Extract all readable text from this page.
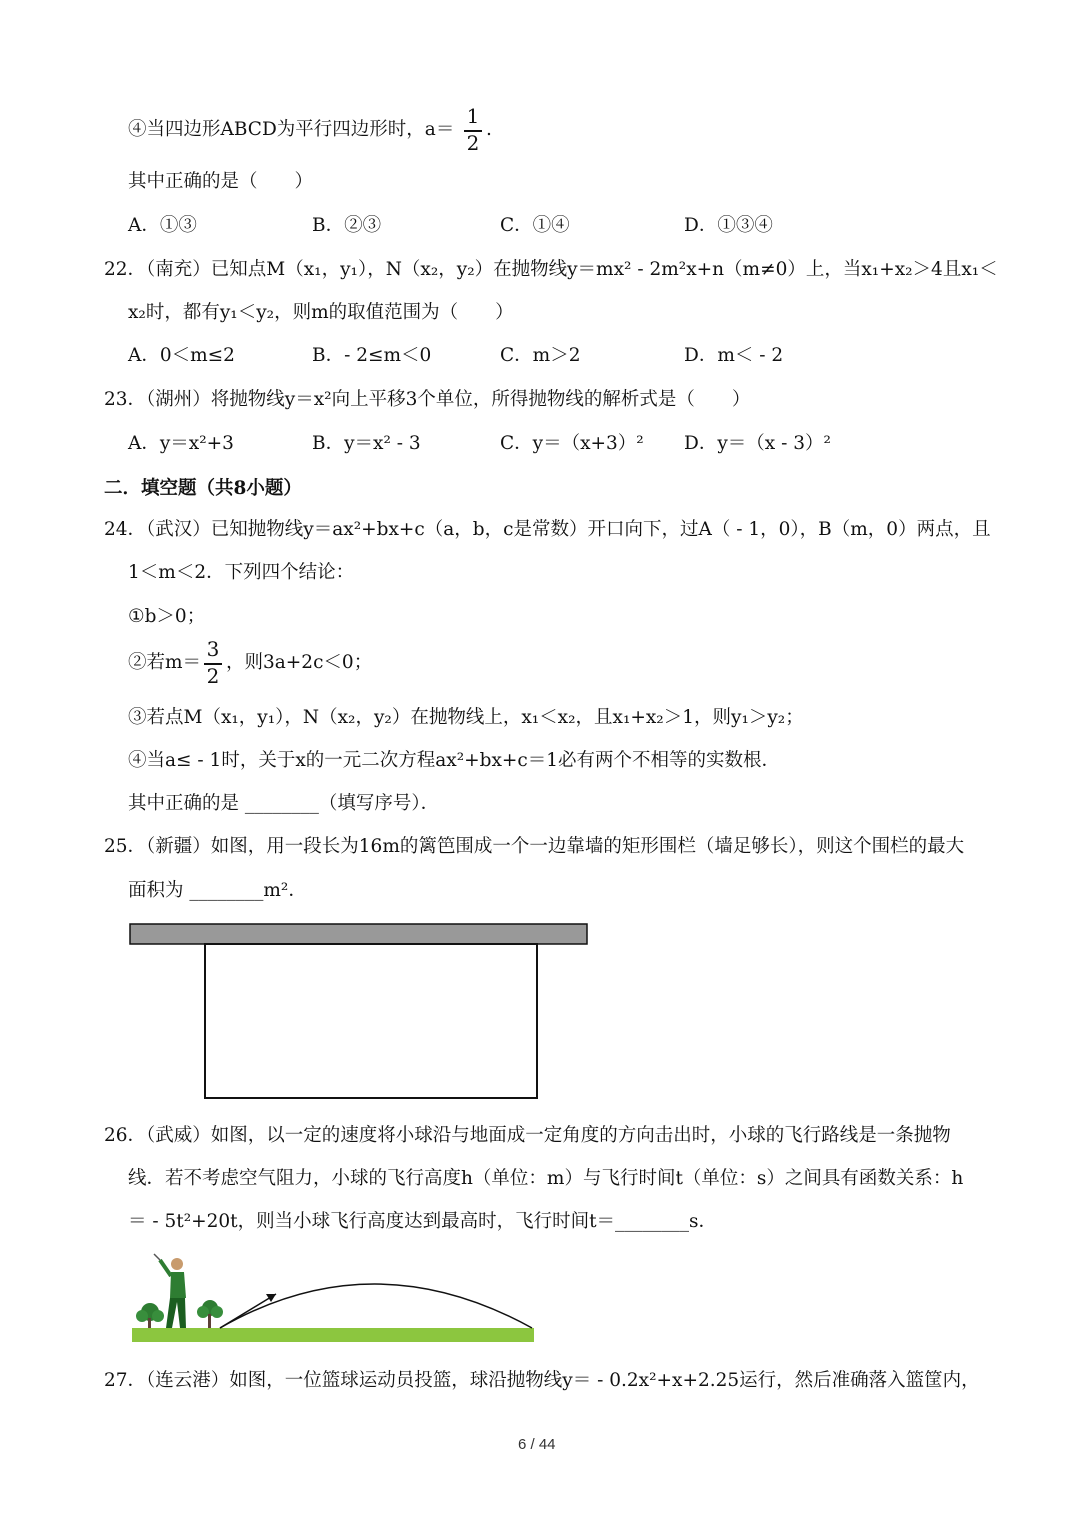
④当四边形ABCD为平行四边形时，a＝
1
2
.
其中正确的是（　　）
A．①③	B．②③	C．①④	D．①③④
22．（南充）已知点M（x₁，y₁），N（x₂，y₂）在抛物线y＝mx² - 2m²x+n（m≠0）上，当x₁+x₂＞4且x₁＜
x₂时，都有y₁＜y₂，则m的取值范围为（　　）
A．0＜m≤2	B．- 2≤m＜0	C．m＞2	D．m＜ - 2
23．（湖州）将抛物线y＝x²向上平移3个单位，所得抛物线的解析式是（　　）
A．y＝x²+3	B．y＝x² - 3	C．y＝（x+3）² D．y＝（x - 3）²
二．填空题（共8小题）
24．（武汉）已知抛物线y＝ax²+bx+c（a，b，c是常数）开口向下，过A（ - 1，0），B（m，0）两点，且
1＜m＜2．下列四个结论：
①b＞0；
②若m＝
3
2
，则3a+2c＜0；
③若点M（x₁，y₁），N（x₂，y₂）在抛物线上，x₁＜x₂，且x₁+x₂＞1，则y₁＞y₂；
④当a≤ - 1时，关于x的一元二次方程ax²+bx+c＝1必有两个不相等的实数根．
其中正确的是 ________（填写序号）．
25．（新疆）如图，用一段长为16m的篱笆围成一个一边靠墙的矩形围栏（墙足够长），则这个围栏的最大
面积为 ________m²．
26．（武威）如图，以一定的速度将小球沿与地面成一定角度的方向击出时，小球的飞行路线是一条抛物
线．若不考虑空气阻力，小球的飞行高度h（单位：m）与飞行时间t（单位：s）之间具有函数关系：h
＝ - 5t²+20t，则当小球飞行高度达到最高时，飞行时间t＝________s．
27．（连云港）如图，一位篮球运动员投篮，球沿抛物线y＝ - 0.2x²+x+2.25运行，然后准确落入篮筐内，
6 / 44
